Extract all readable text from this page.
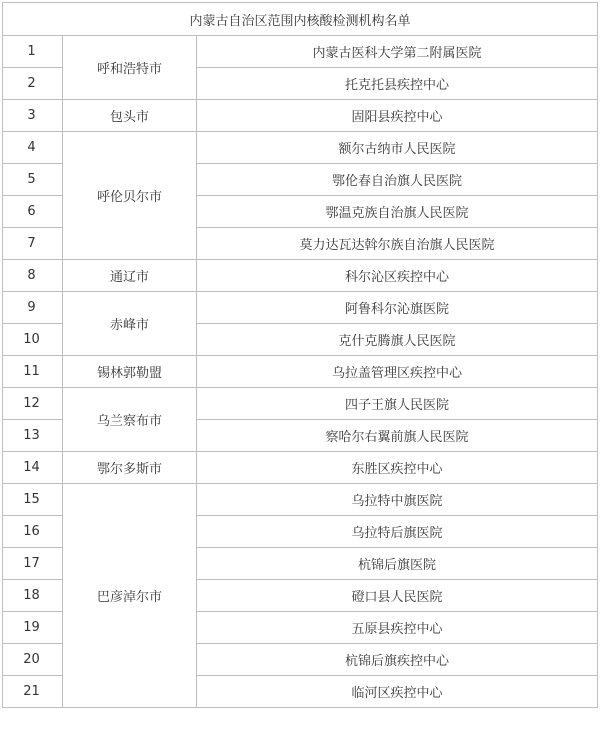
内蒙古自治区范围内核酸检测机构名单		
1	呼和浩特市	内蒙古医科大学第二附属医院
2		托克托县疾控中心
3	包头市	固阳县疾控中心
4	呼伦贝尔市	额尔古纳市人民医院
5		鄂伦春自治旗人民医院
6		鄂温克族自治旗人民医院
7		莫力达瓦达斡尔族自治旗人民医院
8	通辽市	科尔沁区疾控中心
9	赤峰市	阿鲁科尔沁旗医院
10		克什克腾旗人民医院
11	锡林郭勒盟	乌拉盖管理区疾控中心
12	乌兰察布市	四子王旗人民医院
13		察哈尔右翼前旗人民医院
14	鄂尔多斯市	东胜区疾控中心
15	巴彦淖尔市	乌拉特中旗医院
16		乌拉特后旗医院
17		杭锦后旗医院
18		磴口县人民医院
19		五原县疾控中心
20		杭锦后旗疾控中心
21		临河区疾控中心
